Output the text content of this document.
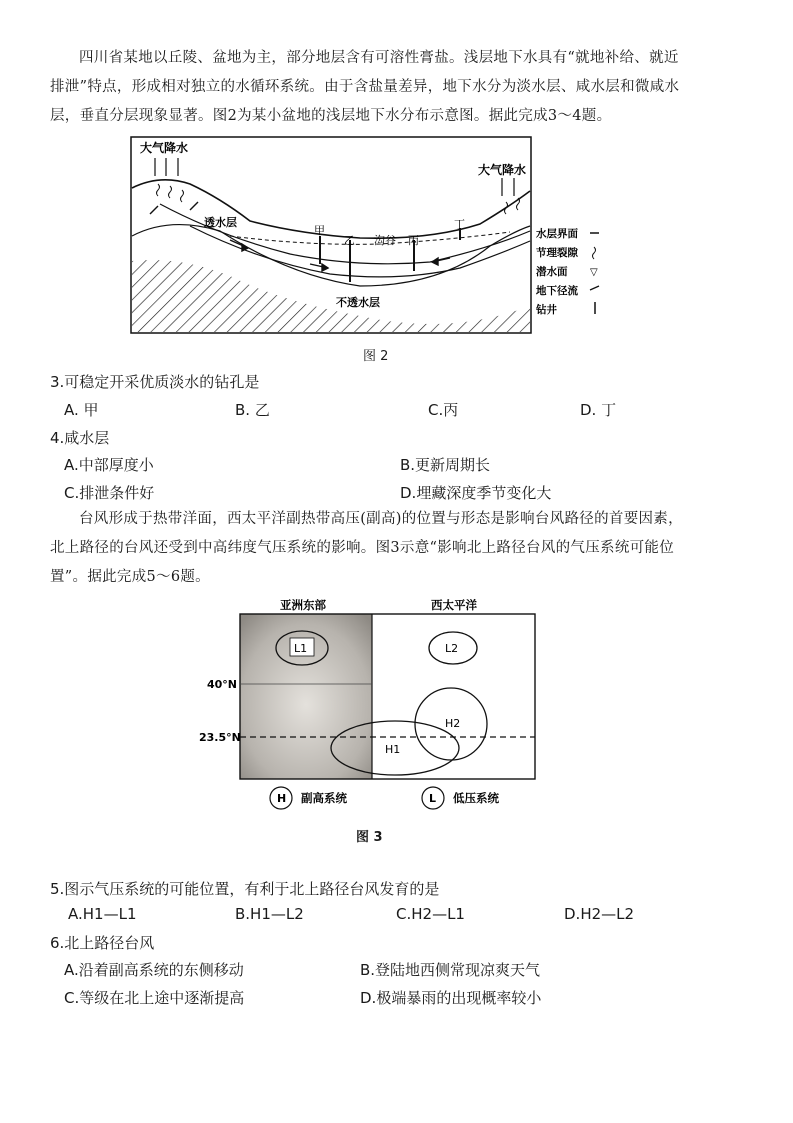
四川省某地以丘陵、盆地为主，部分地层含有可溶性膏盐。浅层地下水具有“就地补给、就近排泄”特点，形成相对独立的水循环系统。由于含盐量差异，地下水分为淡水层、咸水层和微咸水层，垂直分层现象显著。图2为某小盆地的浅层地下水分布示意图。据此完成3～4题。
甲
乙	丙
丁
沟谷
大气降水
大气降水
透水层
不透水层
水层界面
节理裂隙
潜水面 ▽
地下径流
钻井
图 2
3.可稳定开采优质淡水的钻孔是
A. 甲	B. 乙	C.丙	D. 丁
4.咸水层
A.中部厚度小	B.更新周期长
C.排泄条件好	D.埋藏深度季节变化大
台风形成于热带洋面，西太平洋副热带高压(副高)的位置与形态是影响台风路径的首要因素，北上路径的台风还受到中高纬度气压系统的影响。图3示意“影响北上路径台风的气压系统可能位置”。据此完成5～6题。
亚洲东部	西太平洋
40°N
23.5°N
L1	L2
H2
H1
H 副高系统	L 低压系统
图 3
5.图示气压系统的可能位置，有利于北上路径台风发育的是
A.H1—L1	B.H1—L2	C.H2—L1	D.H2—L2
6.北上路径台风
A.沿着副高系统的东侧移动	B.登陆地西侧常现凉爽天气
C.等级在北上途中逐渐提高	D.极端暴雨的出现概率较小
